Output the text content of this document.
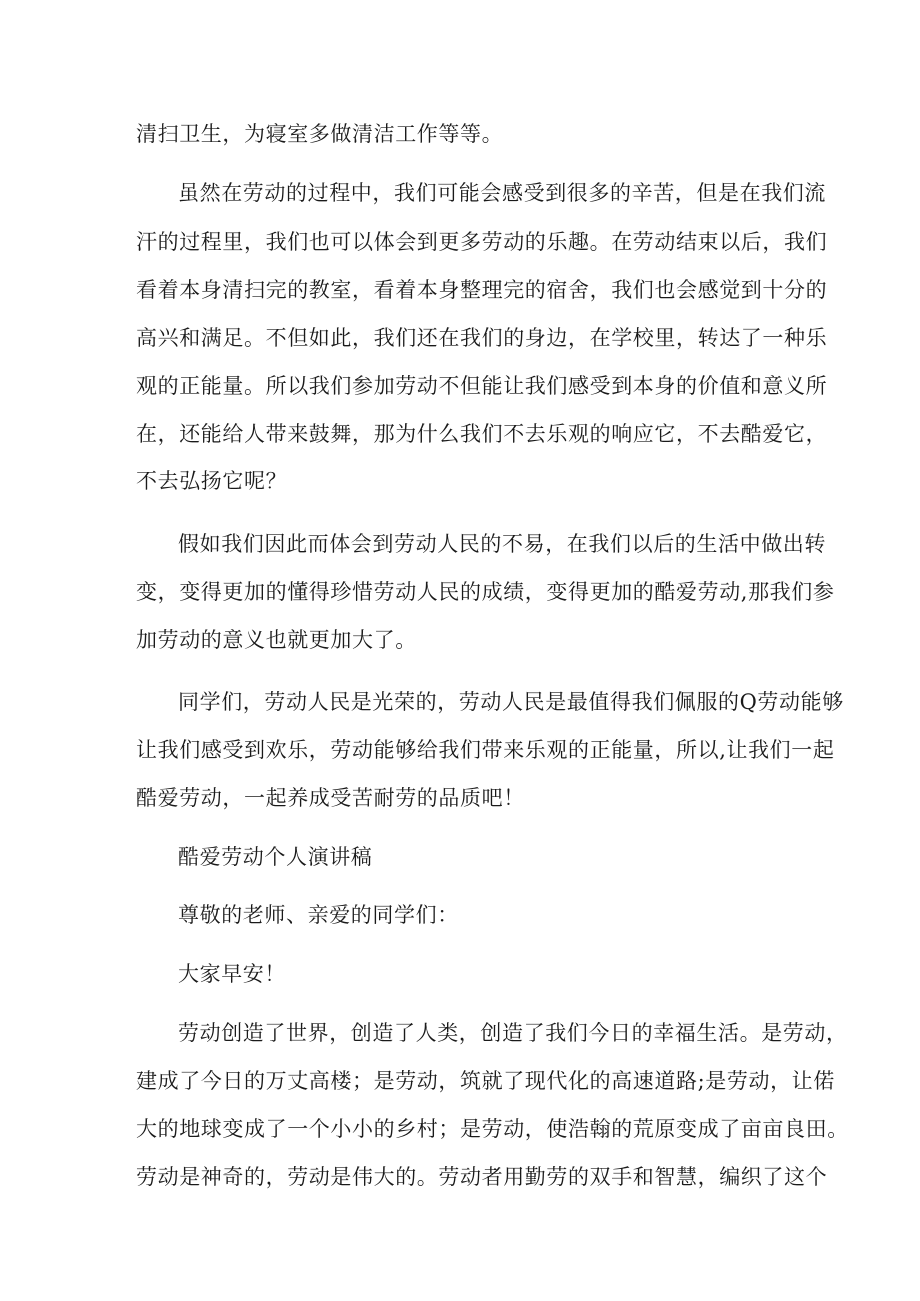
清扫卫生，为寝室多做清洁工作等等。
虽然在劳动的过程中，我们可能会感受到很多的辛苦，但是在我们流
汗的过程里，我们也可以体会到更多劳动的乐趣。在劳动结束以后，我们
看着本身清扫完的教室，看着本身整理完的宿舍，我们也会感觉到十分的
高兴和满足。不但如此，我们还在我们的身边，在学校里，转达了一种乐
观的正能量。所以我们参加劳动不但能让我们感受到本身的价值和意义所
在，还能给人带来鼓舞，那为什么我们不去乐观的响应它，不去酷爱它，
不去弘扬它呢？
假如我们因此而体会到劳动人民的不易，在我们以后的生活中做出转
变，变得更加的懂得珍惜劳动人民的成绩，变得更加的酷爱劳动,那我们参
加劳动的意义也就更加大了。
同学们，劳动人民是光荣的，劳动人民是最值得我们佩服的Q劳动能够
让我们感受到欢乐，劳动能够给我们带来乐观的正能量，所以,让我们一起
酷爱劳动，一起养成受苦耐劳的品质吧！
酷爱劳动个人演讲稿
尊敬的老师、亲爱的同学们：
大家早安！
劳动创造了世界，创造了人类，创造了我们今日的幸福生活。是劳动，
建成了今日的万丈高楼；是劳动，筑就了现代化的高速道路;是劳动，让偌
大的地球变成了一个小小的乡村；是劳动，使浩翰的荒原变成了亩亩良田。
劳动是神奇的，劳动是伟大的。劳动者用勤劳的双手和智慧，编织了这个
